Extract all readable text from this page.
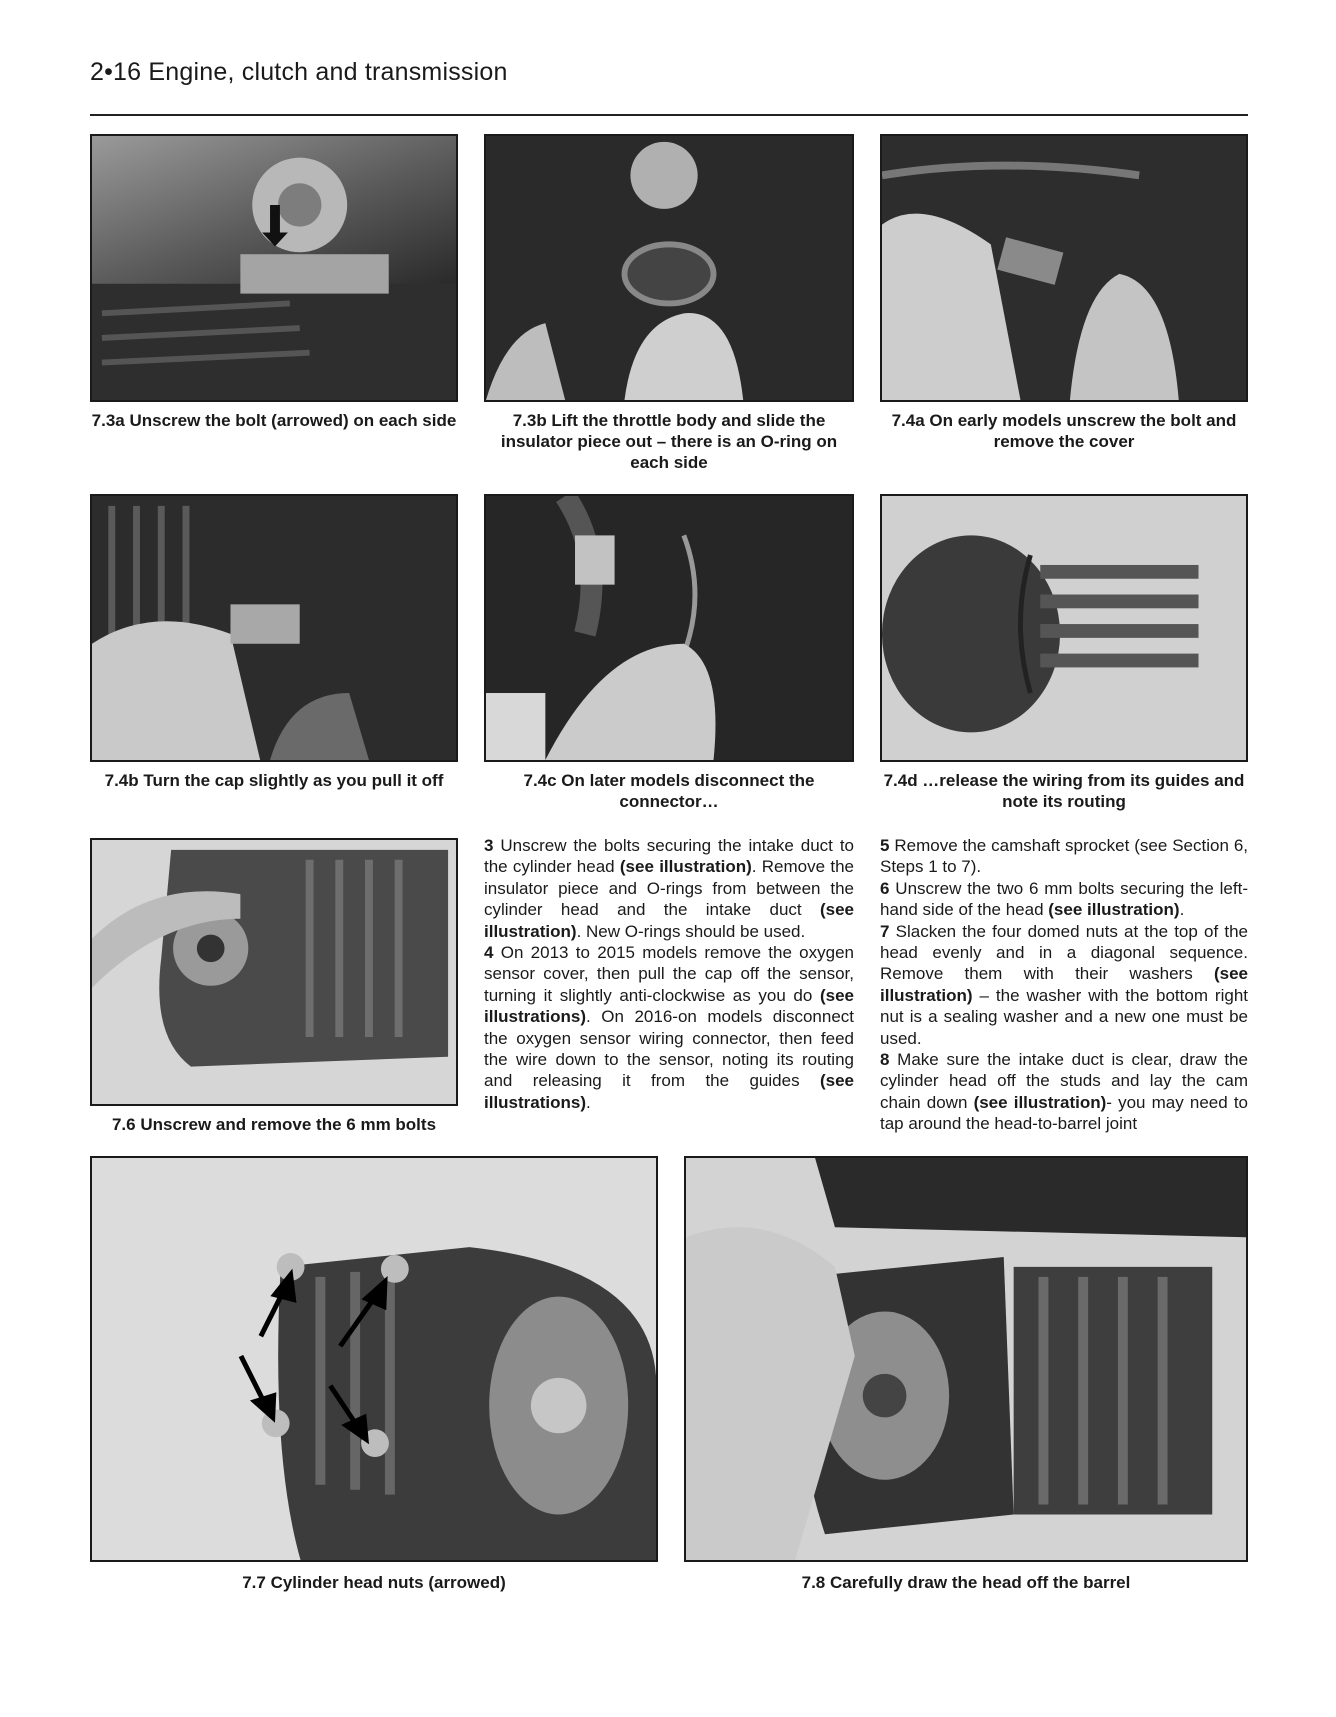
2•16 Engine, clutch and transmission
7.3a Unscrew the bolt (arrowed) on each side	7.3b Lift the throttle body and slide the insulator piece out – there is an O-ring on each side
7.4a On early models unscrew the bolt and remove the cover
7.4b Turn the cap slightly as you pull it off	7.4c On later models disconnect the connector…
7.4d …release the wiring from its guides and note its routing
7.6 Unscrew and remove the 6 mm bolts

3 Unscrew the bolts securing the intake duct to the cylinder head (see illustration). Remove the insulator piece and O-rings from between the cylinder head and the intake duct (see illustration). New O-rings should be used.

4 On 2013 to 2015 models remove the oxygen sensor cover, then pull the cap off the sensor, turning it slightly anti-clockwise as you do (see illustrations). On 2016-on models disconnect the oxygen sensor wiring connector, then feed the wire down to the sensor, noting its routing and releasing it from the guides (see illustrations).

5 Remove the camshaft sprocket (see Section 6, Steps 1 to 7).

6 Unscrew the two 6 mm bolts securing the left-hand side of the head (see illustration).

7 Slacken the four domed nuts at the top of the head evenly and in a diagonal sequence. Remove them with their washers (see illustration) – the washer with the bottom right nut is a sealing washer and a new one must be used.

8 Make sure the intake duct is clear, draw the cylinder head off the studs and lay the cam chain down (see illustration)- you may need to tap around the head-to-barrel joint

7.7 Cylinder head nuts (arrowed)	7.8 Carefully draw the head off the barrel
